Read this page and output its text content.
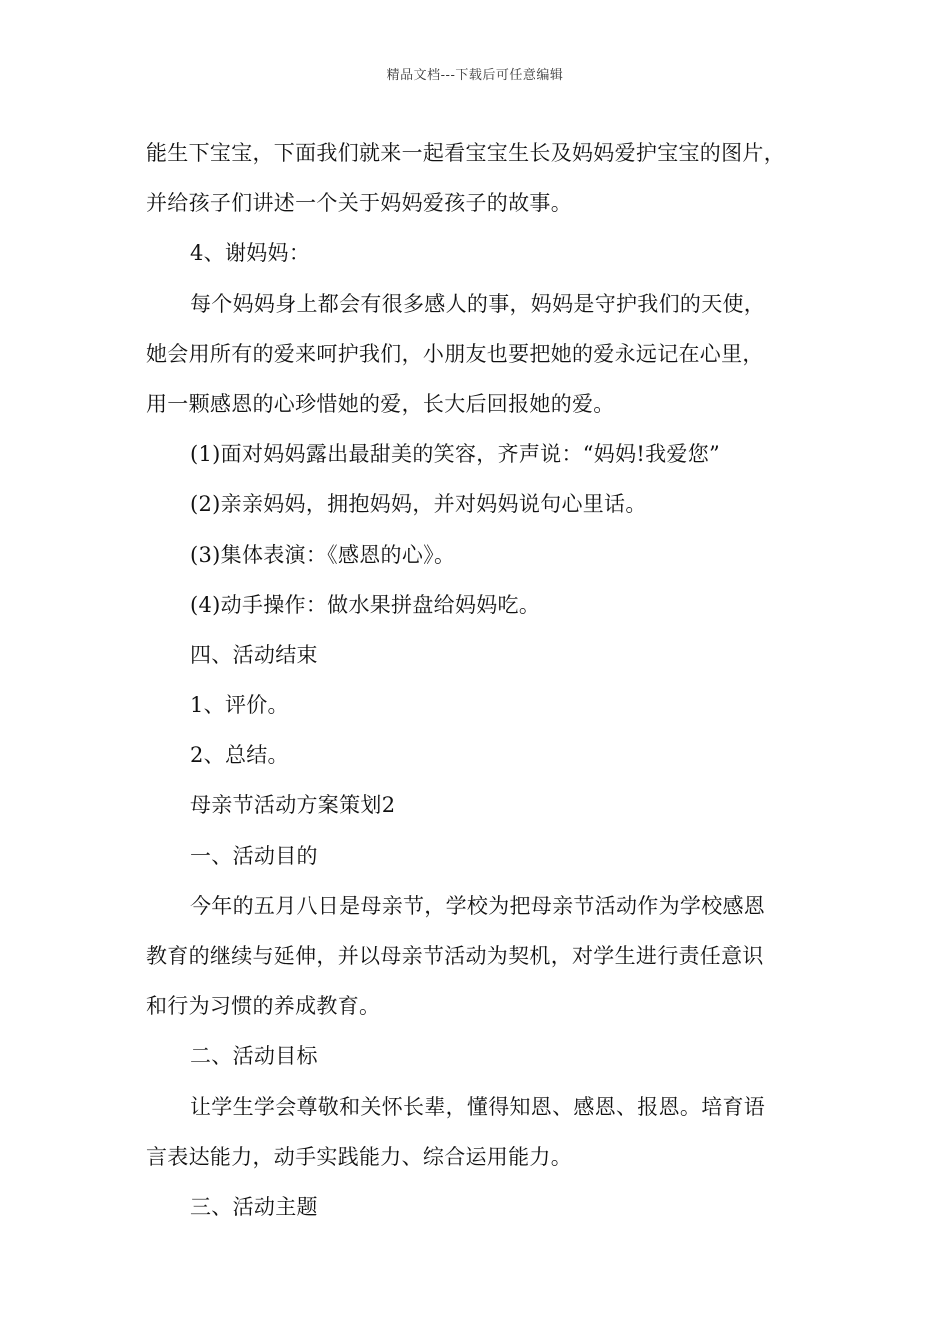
精品文档---下载后可任意编辑
能生下宝宝，下面我们就来一起看宝宝生长及妈妈爱护宝宝的图片，
并给孩子们讲述一个关于妈妈爱孩子的故事。
4、谢妈妈：
每个妈妈身上都会有很多感人的事，妈妈是守护我们的天使，
她会用所有的爱来呵护我们，小朋友也要把她的爱永远记在心里，
用一颗感恩的心珍惜她的爱，长大后回报她的爱。
(1)面对妈妈露出最甜美的笑容，齐声说：“妈妈!我爱您”
(2)亲亲妈妈，拥抱妈妈，并对妈妈说句心里话。
(3)集体表演：《感恩的心》。
(4)动手操作：做水果拼盘给妈妈吃。
四、活动结束
1、评价。
2、总结。
母亲节活动方案策划2
一、活动目的
今年的五月八日是母亲节，学校为把母亲节活动作为学校感恩
教育的继续与延伸，并以母亲节活动为契机，对学生进行责任意识
和行为习惯的养成教育。
二、活动目标
让学生学会尊敬和关怀长辈，懂得知恩、感恩、报恩。培育语
言表达能力，动手实践能力、综合运用能力。
三、活动主题
